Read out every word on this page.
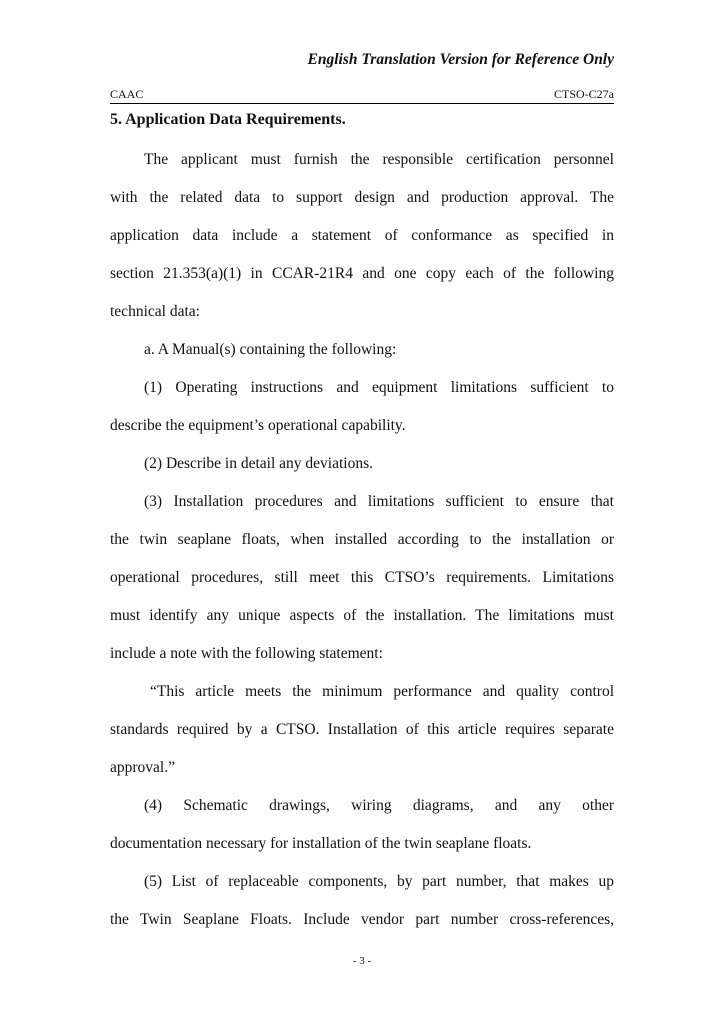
English Translation Version for Reference Only
CAAC	CTSO-C27a
5. Application Data Requirements.
The applicant must furnish the responsible certification personnel
with the related data to support design and production approval. The
application data include a statement of conformance as specified in
section 21.353(a)(1) in CCAR-21R4 and one copy each of the following
technical data:
a. A Manual(s) containing the following:
(1) Operating instructions and equipment limitations sufficient to
describe the equipment’s operational capability.
(2) Describe in detail any deviations.
(3) Installation procedures and limitations sufficient to ensure that
the twin seaplane floats, when installed according to the installation or
operational procedures, still meet this CTSO’s requirements. Limitations
must identify any unique aspects of the installation. The limitations must
include a note with the following statement:
“This article meets the minimum performance and quality control
standards required by a CTSO. Installation of this article requires separate
approval.”
(4) Schematic drawings, wiring diagrams, and any other
documentation necessary for installation of the twin seaplane floats.
(5) List of replaceable components, by part number, that makes up
the Twin Seaplane Floats. Include vendor part number cross-references,
- 3 -
